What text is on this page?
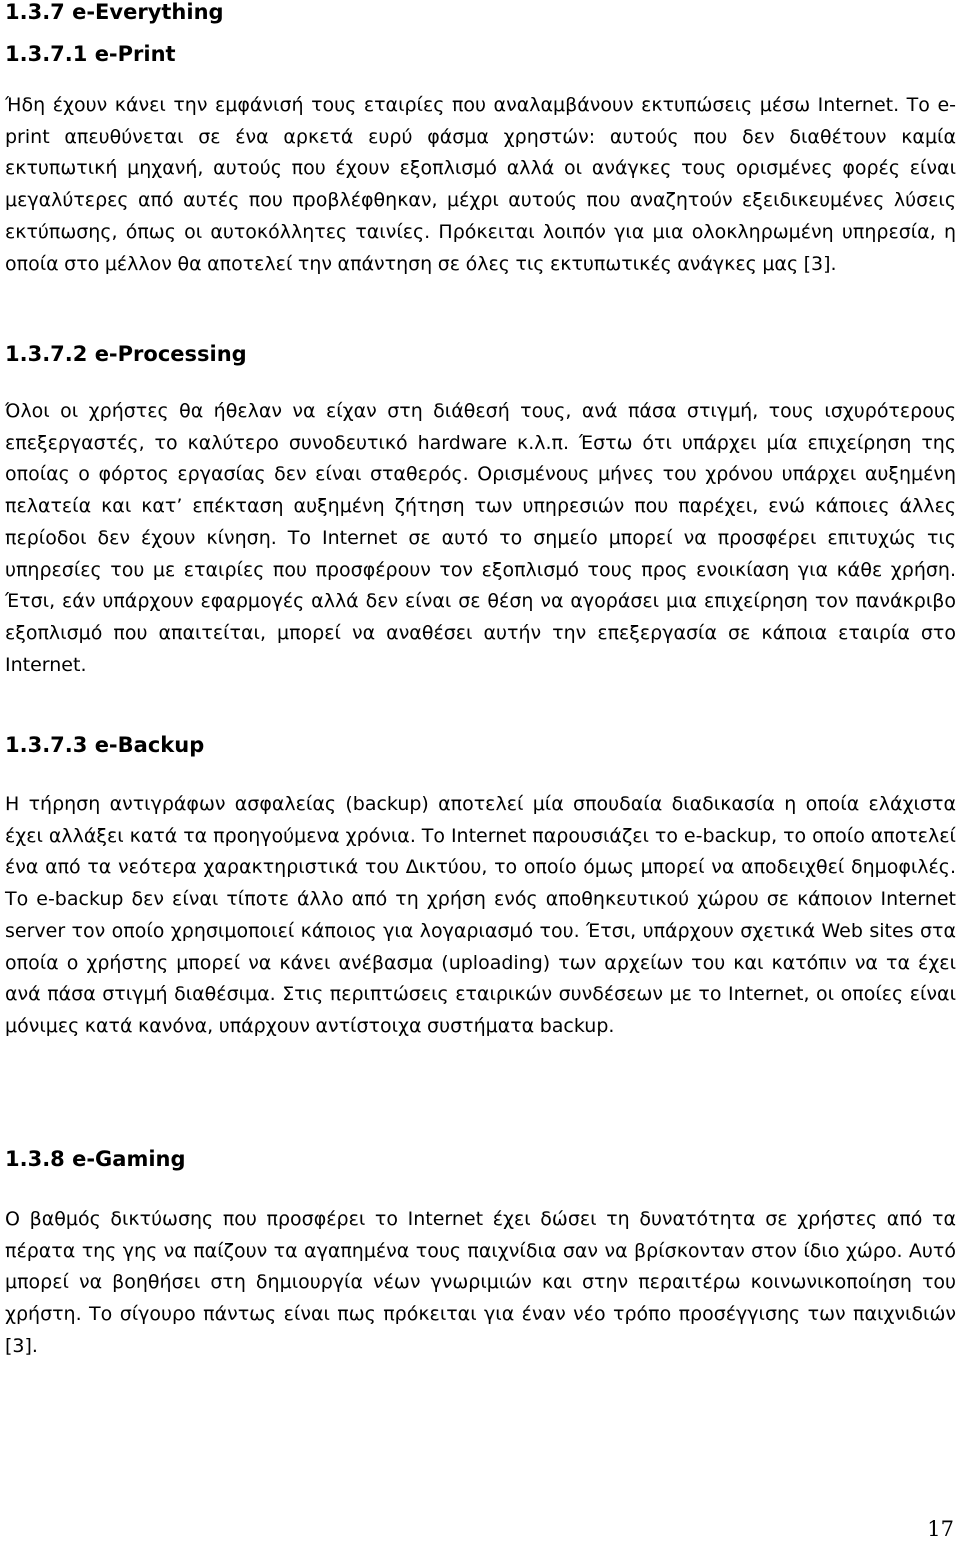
1.3.7 e-Everything
1.3.7.1 e-Print

Ήδη έχουν κάνει την εμφάνισή τους εταιρίες που αναλαμβάνουν εκτυπώσεις μέσω Internet. Το e-print απευθύνεται σε ένα αρκετά ευρύ φάσμα χρηστών: αυτούς που δεν διαθέτουν καμία εκτυπωτική μηχανή, αυτούς που έχουν εξοπλισμό αλλά οι ανάγκες τους ορισμένες φορές είναι μεγαλύτερες από αυτές που προβλέφθηκαν, μέχρι αυτούς που αναζητούν εξειδικευμένες λύσεις εκτύπωσης, όπως οι αυτοκόλλητες ταινίες. Πρόκειται λοιπόν για μια ολοκληρωμένη υπηρεσία, η οποία στο μέλλον θα αποτελεί την απάντηση σε όλες τις εκτυπωτικές ανάγκες μας [3].

1.3.7.2 e-Processing

Όλοι οι χρήστες θα ήθελαν να είχαν στη διάθεσή τους, ανά πάσα στιγμή, τους ισχυρότερους επεξεργαστές, το καλύτερο συνοδευτικό hardware κ.λ.π. Έστω ότι υπάρχει μία επιχείρηση της οποίας ο φόρτος εργασίας δεν είναι σταθερός. Ορισμένους μήνες του χρόνου υπάρχει αυξημένη πελατεία και κατ’ επέκταση αυξημένη ζήτηση των υπηρεσιών που παρέχει, ενώ κάποιες άλλες περίοδοι δεν έχουν κίνηση. Το Internet σε αυτό το σημείο μπορεί να προσφέρει επιτυχώς τις υπηρεσίες του με εταιρίες που προσφέρουν τον εξοπλισμό τους προς ενοικίαση για κάθε χρήση. Έτσι, εάν υπάρχουν εφαρμογές αλλά δεν είναι σε θέση να αγοράσει μια επιχείρηση τον πανάκριβο εξοπλισμό που απαιτείται, μπορεί να αναθέσει αυτήν την επεξεργασία σε κάποια εταιρία στο Internet.

1.3.7.3 e-Backup

Η τήρηση αντιγράφων ασφαλείας (backup) αποτελεί μία σπουδαία διαδικασία η οποία ελάχιστα έχει αλλάξει κατά τα προηγούμενα χρόνια. Το Internet παρουσιάζει το e-backup, το οποίο αποτελεί ένα από τα νεότερα χαρακτηριστικά του Δικτύου, το οποίο όμως μπορεί να αποδειχθεί δημοφιλές. Το e-backup δεν είναι τίποτε άλλο από τη χρήση ενός αποθηκευτικού χώρου σε κάποιον Internet server τον οποίο χρησιμοποιεί κάποιος για λογαριασμό του. Έτσι, υπάρχουν σχετικά Web sites στα οποία ο χρήστης μπορεί να κάνει ανέβασμα (uploading) των αρχείων του και κατόπιν να τα έχει ανά πάσα στιγμή διαθέσιμα. Στις περιπτώσεις εταιρικών συνδέσεων με το Internet, οι οποίες είναι μόνιμες κατά κανόνα, υπάρχουν αντίστοιχα συστήματα backup.

1.3.8 e-Gaming

Ο βαθμός δικτύωσης που προσφέρει το Internet έχει δώσει τη δυνατότητα σε χρήστες από τα πέρατα της γης να παίζουν τα αγαπημένα τους παιχνίδια σαν να βρίσκονταν στον ίδιο χώρο. Αυτό μπορεί να βοηθήσει στη δημιουργία νέων γνωριμιών και στην περαιτέρω κοινωνικοποίηση του χρήστη. Το σίγουρο πάντως είναι πως πρόκειται για έναν νέο τρόπο προσέγγισης των παιχνιδιών [3].

17
